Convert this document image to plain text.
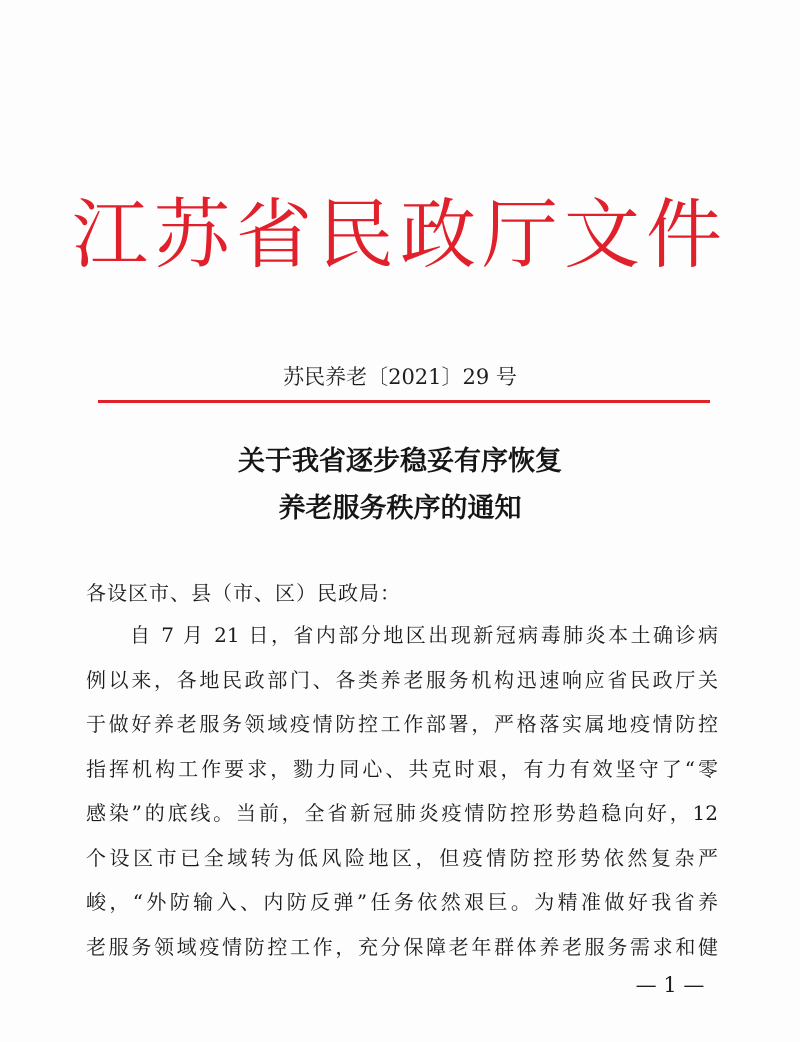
江苏省民政厅文件
苏民养老〔2021〕29 号
关于我省逐步稳妥有序恢复
养老服务秩序的通知
各设区市、县（市、区）民政局：
自 7 月 21 日，省内部分地区出现新冠病毒肺炎本土确诊病
例以来，各地民政部门、各类养老服务机构迅速响应省民政厅关
于做好养老服务领域疫情防控工作部署，严格落实属地疫情防控
指挥机构工作要求，勠力同心、共克时艰，有力有效坚守了“零
感染”的底线。当前，全省新冠肺炎疫情防控形势趋稳向好，12
个设区市已全域转为低风险地区，但疫情防控形势依然复杂严
峻，“外防输入、内防反弹”任务依然艰巨。为精准做好我省养
老服务领域疫情防控工作，充分保障老年群体养老服务需求和健
— 1 —
